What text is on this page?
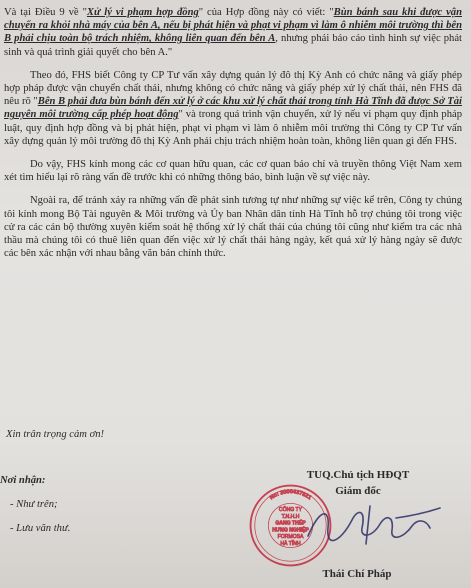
Và tại Điều 9 về "Xử lý vi phạm hợp đồng" của Hợp đồng này có viết: "Bùn bánh sau khi được vận chuyển ra khỏi nhà máy của bên A, nếu bị phát hiện và phạt vi phạm vì làm ô nhiễm môi trường thì bên B phải chịu toàn bộ trách nhiệm, không liên quan đến bên A, nhưng phải báo cáo tình hình sự việc phát sinh và quá trình giải quyết cho bên A."

Theo đó, FHS biết Công ty CP Tư vấn xây dựng quản lý đô thị Kỳ Anh có chức năng và giấy phép hợp pháp được vận chuyển chất thải, nhưng không có chức năng và giấy phép xử lý chất thải, nên FHS đã nêu rõ "Bên B phải đưa bùn bánh đến xử lý ở các khu xử lý chất thải trong tỉnh Hà Tĩnh đã được Sở Tài nguyên môi trường cấp phép hoạt động" và trong quá trình vận chuyển, xử lý nếu vi phạm quy định pháp luật, quy định hợp đồng và bị phát hiện, phạt vi phạm vì làm ô nhiễm môi trường thì Công ty CP Tư vấn xây dựng quản lý môi trường đô thị Kỳ Anh phải chịu trách nhiệm hoàn toàn, không liên quan gì đến FHS.

Do vậy, FHS kính mong các cơ quan hữu quan, các cơ quan báo chí và truyền thông Việt Nam xem xét tìm hiểu lại rõ ràng vấn đề trước khi có những thông báo, bình luận về sự việc này.

Ngoài ra, để tránh xảy ra những vấn đề phát sinh tương tự như những sự việc kể trên, Công ty chúng tôi kính mong Bộ Tài nguyên & Môi trường và Ủy ban Nhân dân tỉnh Hà Tĩnh hỗ trợ chúng tôi trong việc cử ra các cán bộ thường xuyên kiểm soát hệ thống xử lý chất thải của chúng tôi cũng như kiểm tra các nhà thầu mà chúng tôi có thuê liên quan đến việc xử lý chất thải hàng ngày, kết quả xử lý hàng ngày sẽ được các bên xác nhận với nhau bằng văn bản chính thức.

Xin trân trọng cảm ơn!
Nơi nhận:
- Như trên;
- Lưu văn thư.
TUQ.Chủ tịch HĐQT
Giám đốc
No: 3000437821
CÔNG TY
T.N.H.H
GANG THÉP
HƯNG NGHIỆP
FORMOSA
HÀ TĨNH
Thái Chí Pháp
